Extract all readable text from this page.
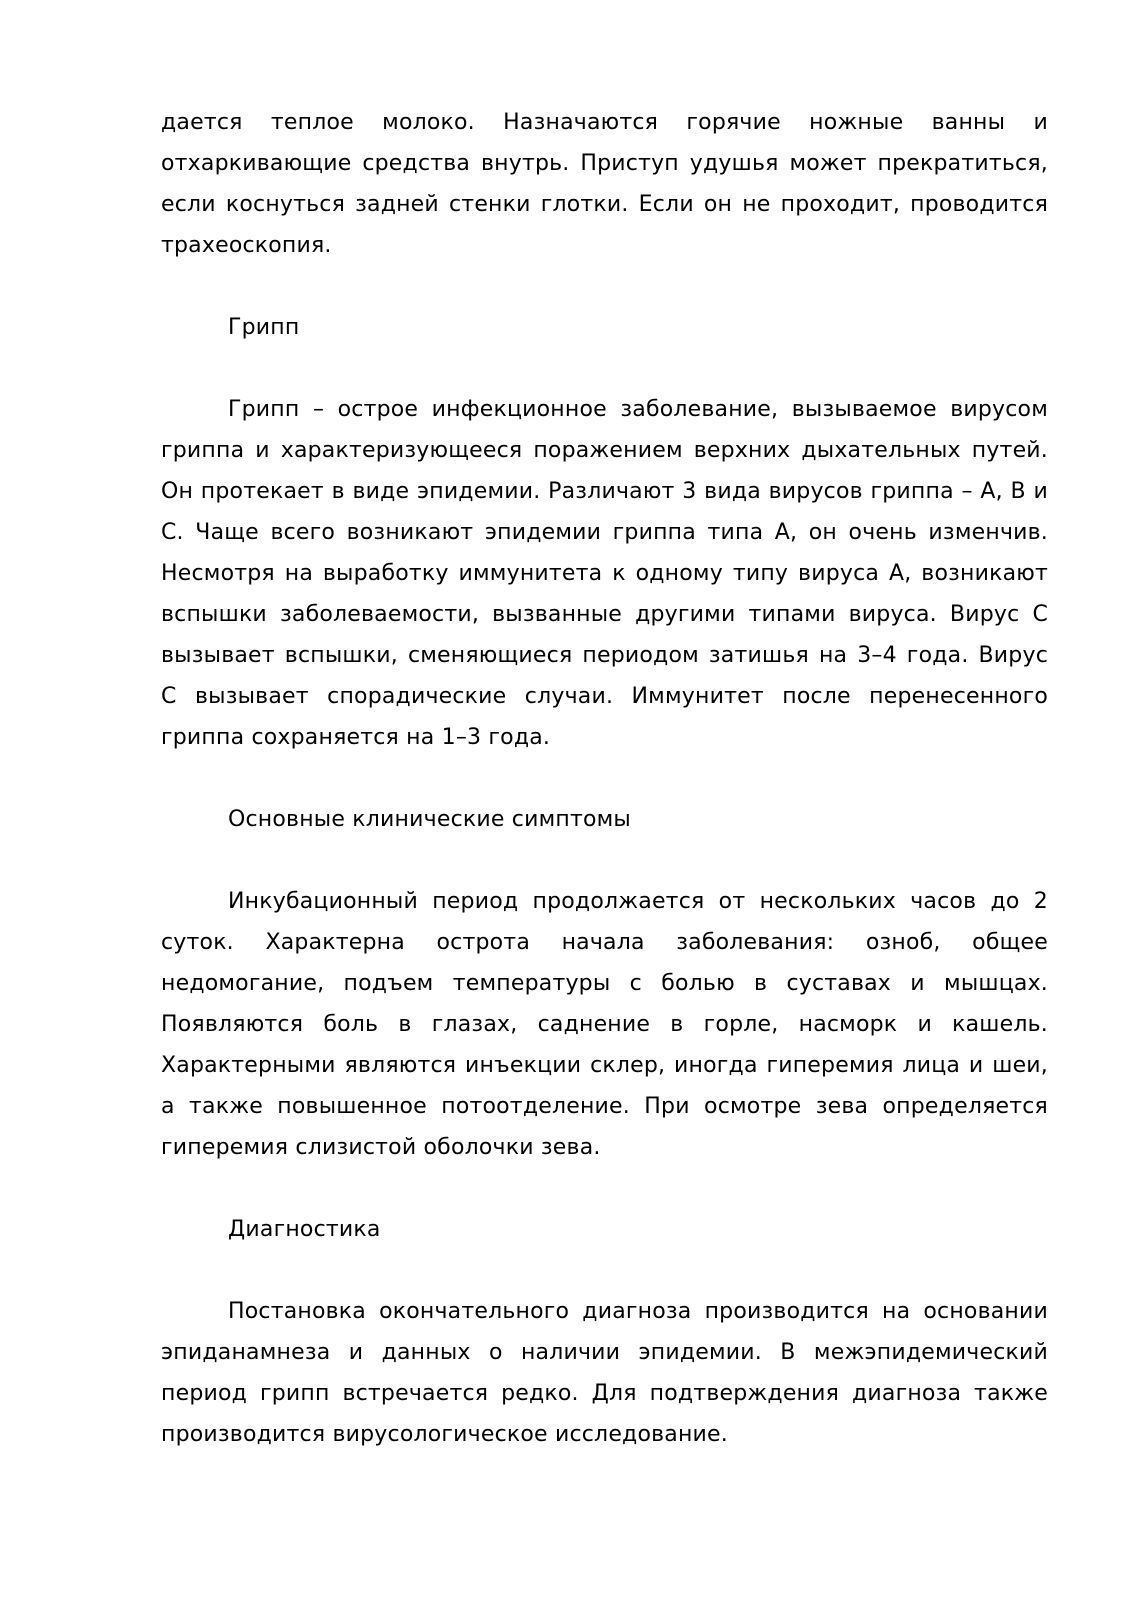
дается теплое молоко. Назначаются горячие ножные ванны и отхаркивающие средства внутрь. Приступ удушья может прекратиться, если коснуться задней стенки глотки. Если он не проходит, проводится трахеоскопия.

Грипп

Грипп – острое инфекционное заболевание, вызываемое вирусом гриппа и характеризующееся поражением верхних дыхательных путей. Он протекает в виде эпидемии. Различают 3 вида вирусов гриппа – А, В и С. Чаще всего возникают эпидемии гриппа типа А, он очень изменчив. Несмотря на выработку иммунитета к одному типу вируса А, возникают вспышки заболеваемости, вызванные другими типами вируса. Вирус С вызывает вспышки, сменяющиеся периодом затишья на 3–4 года. Вирус С вызывает спорадические случаи. Иммунитет после перенесенного гриппа сохраняется на 1–3 года.

Основные клинические симптомы

Инкубационный период продолжается от нескольких часов до 2 суток. Характерна острота начала заболевания: озноб, общее недомогание, подъем температуры с болью в суставах и мышцах. Появляются боль в глазах, саднение в горле, насморк и кашель. Характерными являются инъекции склер, иногда гиперемия лица и шеи, а также повышенное потоотделение. При осмотре зева определяется гиперемия слизистой оболочки зева.

Диагностика

Постановка окончательного диагноза производится на основании эпиданамнеза и данных о наличии эпидемии. В межэпидемический период грипп встречается редко. Для подтверждения диагноза также производится вирусологическое исследование.
